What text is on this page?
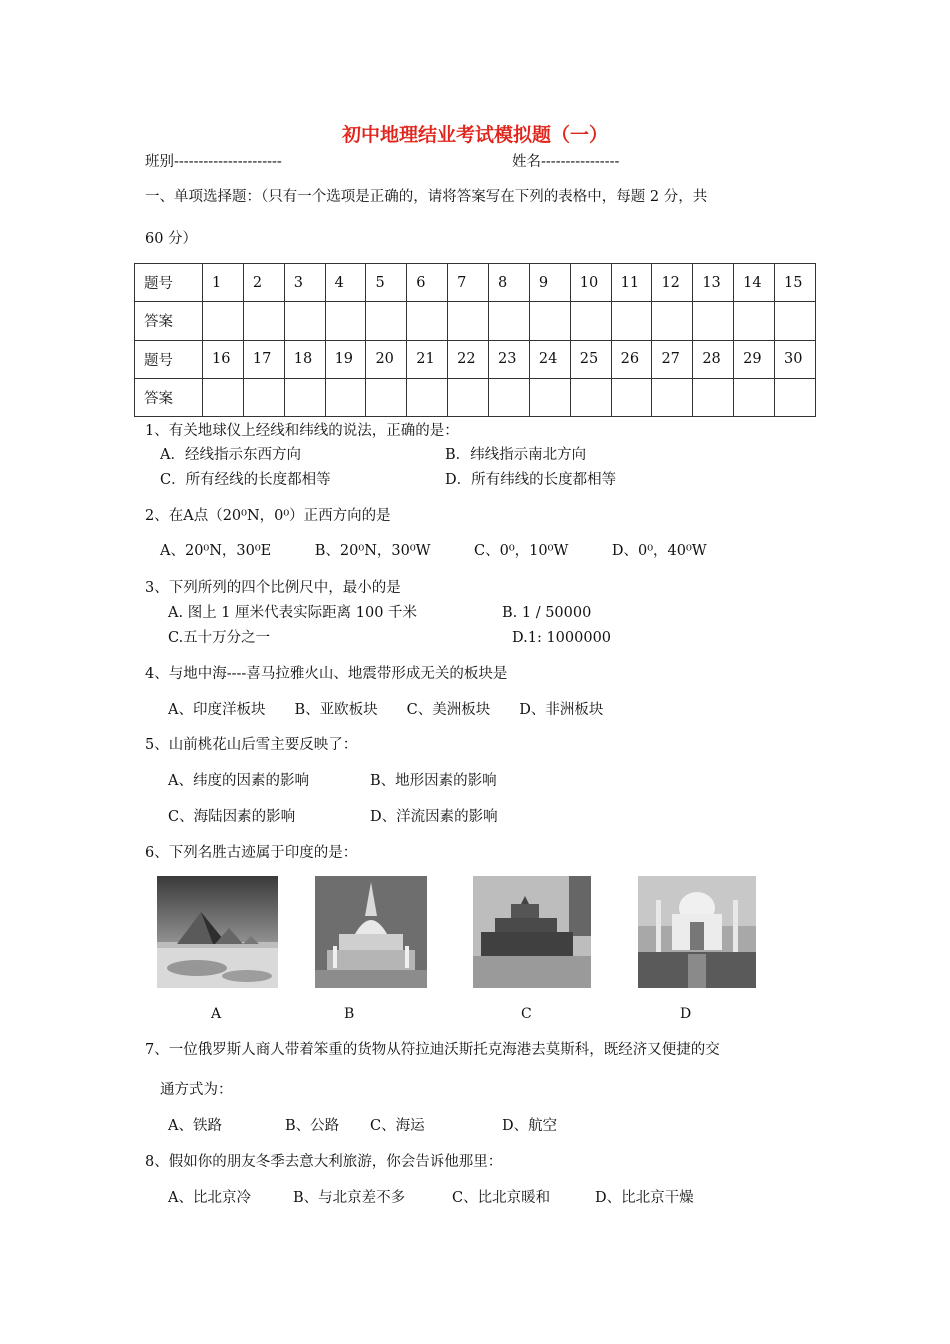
初中地理结业考试模拟题（一）
班别----------------------	姓名----------------
一、单项选择题：（只有一个选项是正确的，请将答案写在下列的表格中，每题 2 分，共
60 分）
题号	1	2	3	4	5	6	7	8	9	10	11	12	13	14	15
答案															
题号	16	17	18	19	20	21	22	23	24	25	26	27	28	29	30
答案															
1、有关地球仪上经线和纬线的说法，正确的是：
A．经线指示东西方向	B．纬线指示南北方向
C．所有经线的长度都相等	D．所有纬线的长度都相等
2、在A点（20⁰N，0⁰）正西方向的是
A、20⁰N，30⁰E　　　B、20⁰N，30⁰W　　　C、0⁰，10⁰W　　　D、0⁰，40⁰W
3、下列所列的四个比例尺中，最小的是
A. 图上 1 厘米代表实际距离 100 千米	B. 1 / 50000
C.五十万分之一	D.1: 1000000
4、与地中海----喜马拉雅火山、地震带形成无关的板块是
A、印度洋板块　　B、亚欧板块　　C、美洲板块　　D、非洲板块
5、山前桃花山后雪主要反映了：
A、纬度的因素的影响	B、地形因素的影响
C、海陆因素的影响	D、洋流因素的影响
6、下列名胜古迹属于印度的是：
A	B	C	D
7、一位俄罗斯人商人带着笨重的货物从符拉迪沃斯托克海港去莫斯科，既经济又便捷的交
通方式为：
A、铁路	B、公路 C、海运	D、航空
8、假如你的朋友冬季去意大利旅游，你会告诉他那里：
A、比北京冷	B、与北京差不多	C、比北京暖和	D、比北京干燥
